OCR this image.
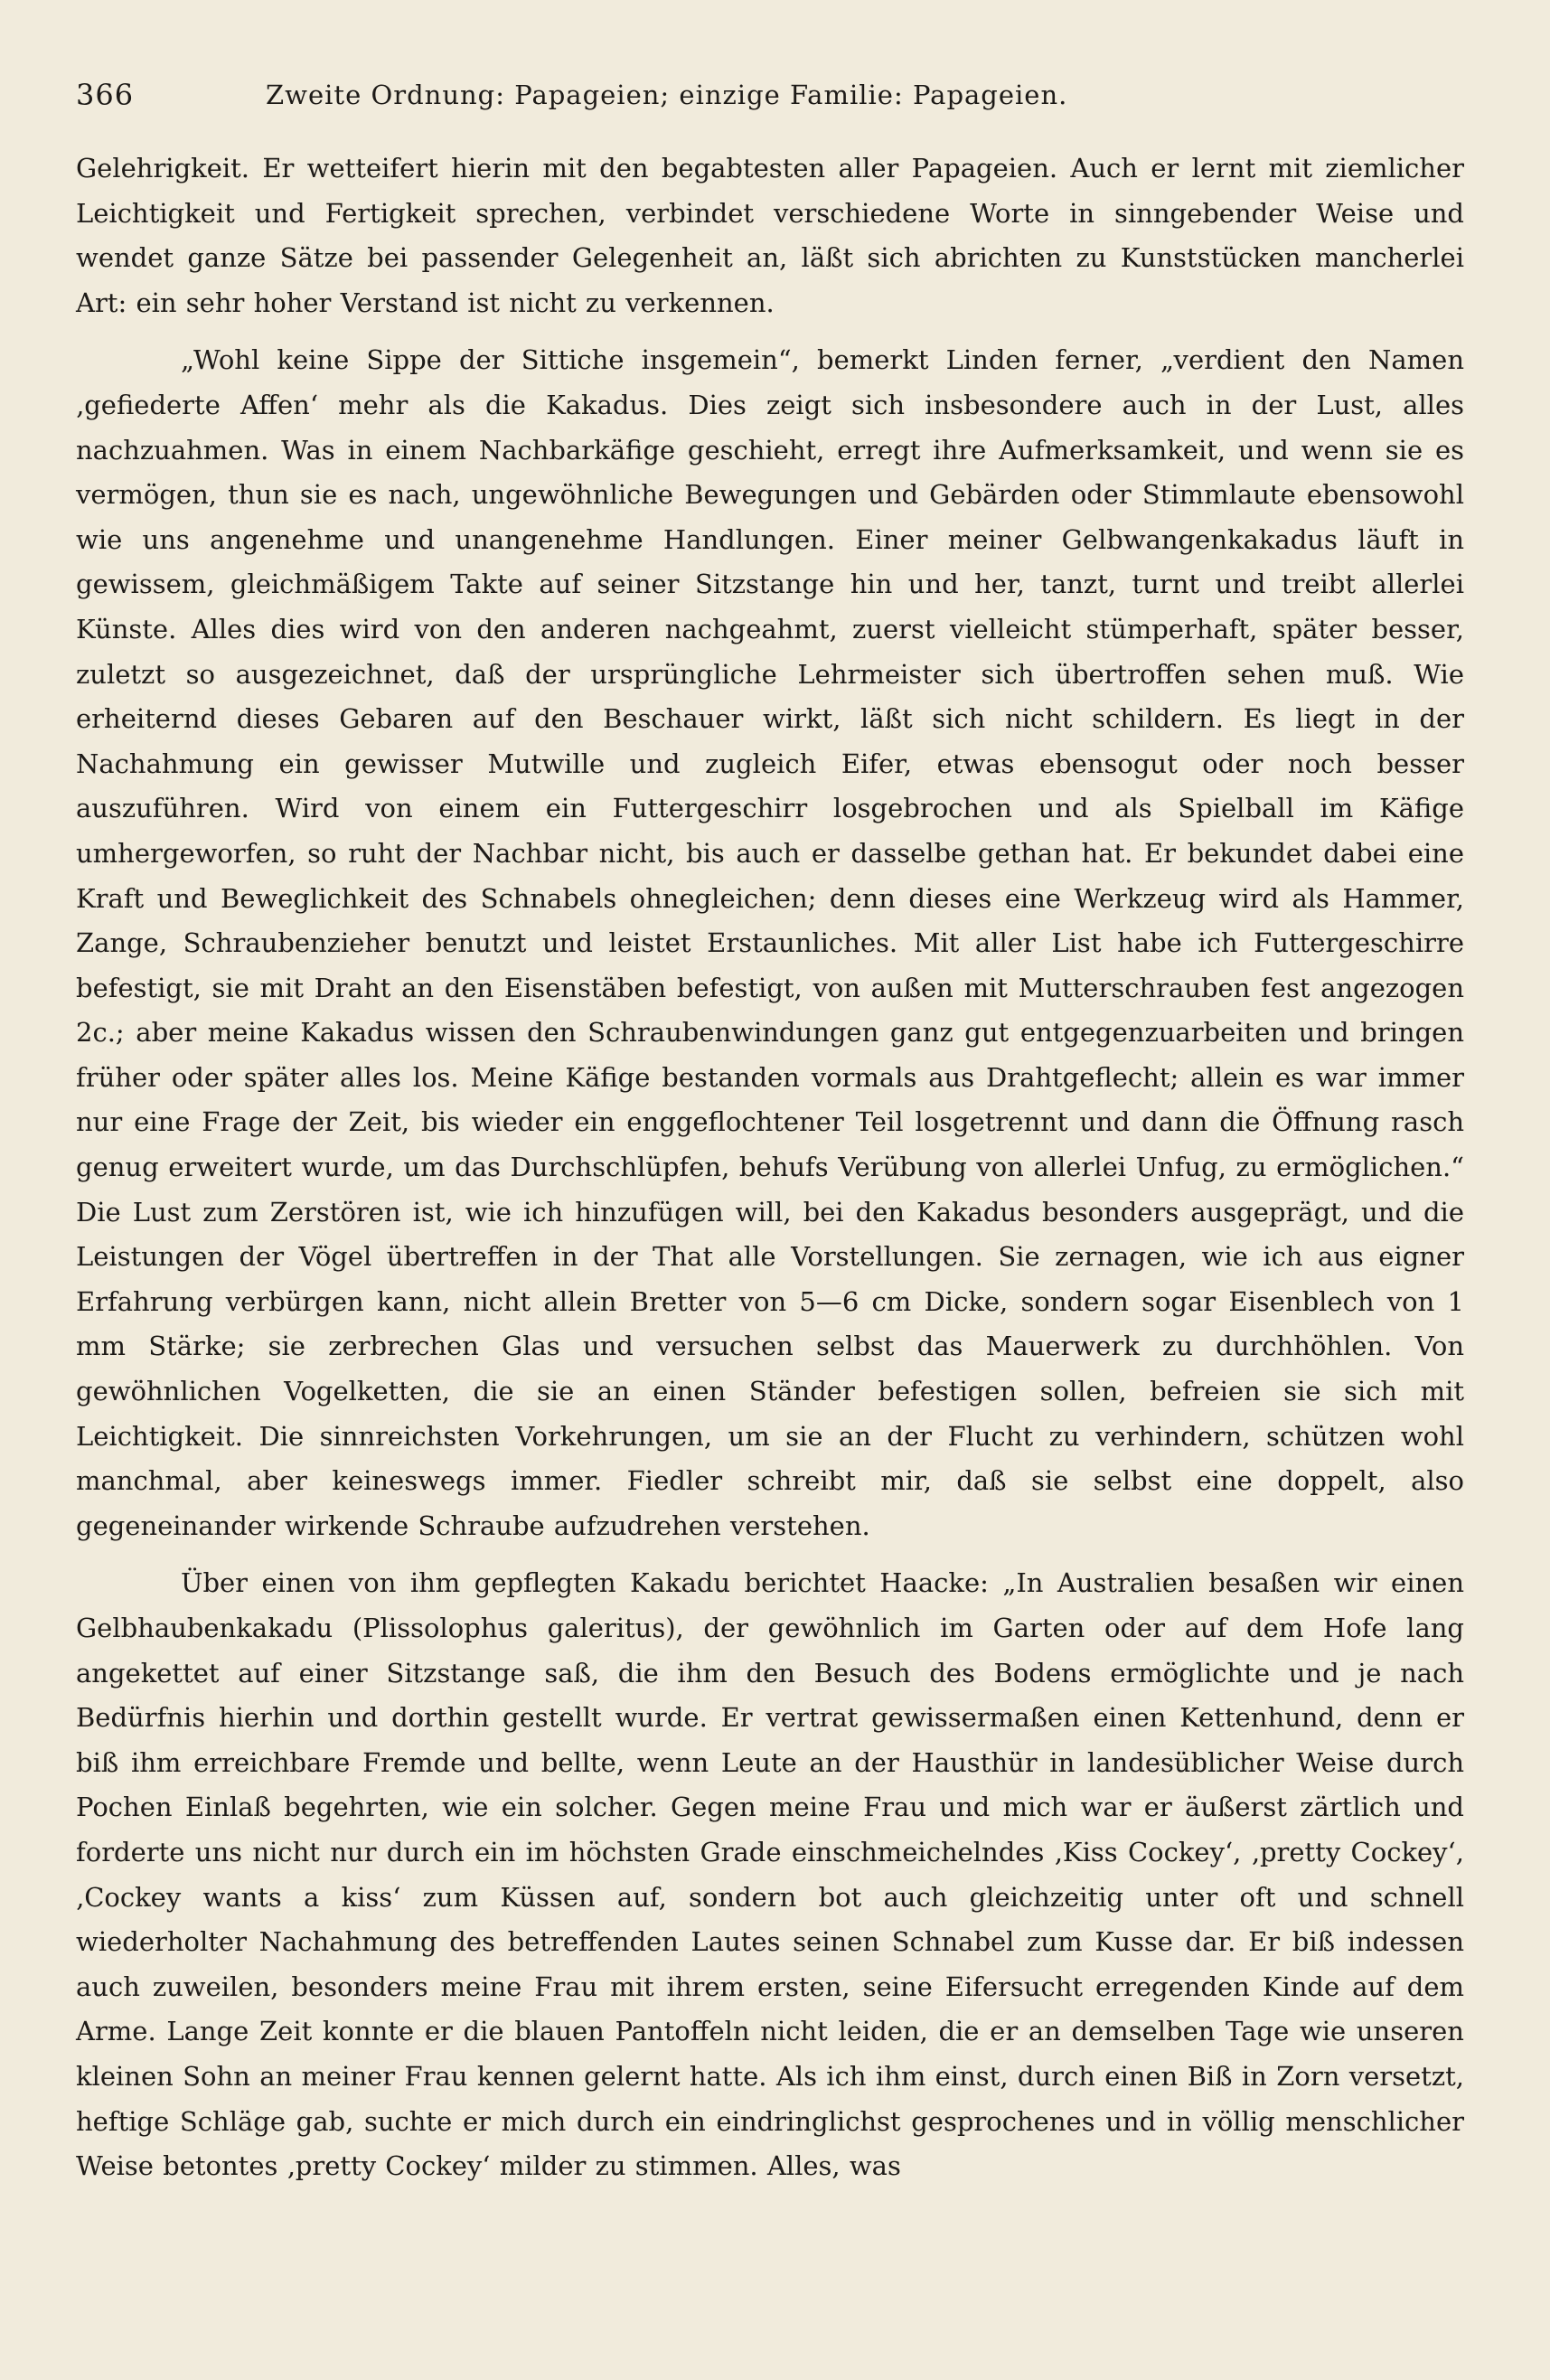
366	Zweite Ordnung: Papageien; einzige Familie: Papageien.

Gelehrigkeit. Er wetteifert hierin mit den begabtesten aller Papageien. Auch er lernt mit ziemlicher Leichtigkeit und Fertigkeit sprechen, verbindet verschiedene Worte in sinngebender Weise und wendet ganze Sätze bei passender Gelegenheit an, läßt sich abrichten zu Kunststücken mancherlei Art: ein sehr hoher Verstand ist nicht zu verkennen.

„Wohl keine Sippe der Sittiche insgemein“, bemerkt Linden ferner, „verdient den Namen ‚gefiederte Affen‘ mehr als die Kakadus. Dies zeigt sich insbesondere auch in der Lust, alles nachzuahmen. Was in einem Nachbarkäfige geschieht, erregt ihre Aufmerksamkeit, und wenn sie es vermögen, thun sie es nach, ungewöhnliche Bewegungen und Gebärden oder Stimmlaute ebensowohl wie uns angenehme und unangenehme Handlungen. Einer meiner Gelbwangenkakadus läuft in gewissem, gleichmäßigem Takte auf seiner Sitzstange hin und her, tanzt, turnt und treibt allerlei Künste. Alles dies wird von den anderen nachgeahmt, zuerst vielleicht stümperhaft, später besser, zuletzt so ausgezeichnet, daß der ursprüngliche Lehrmeister sich übertroffen sehen muß. Wie erheiternd dieses Gebaren auf den Beschauer wirkt, läßt sich nicht schildern. Es liegt in der Nachahmung ein gewisser Mutwille und zugleich Eifer, etwas ebensogut oder noch besser auszuführen. Wird von einem ein Futtergeschirr losgebrochen und als Spielball im Käfige umhergeworfen, so ruht der Nachbar nicht, bis auch er dasselbe gethan hat. Er bekundet dabei eine Kraft und Beweglichkeit des Schnabels ohnegleichen; denn dieses eine Werkzeug wird als Hammer, Zange, Schraubenzieher benutzt und leistet Erstaunliches. Mit aller List habe ich Futtergeschirre befestigt, sie mit Draht an den Eisenstäben befestigt, von außen mit Mutterschrauben fest angezogen 2c.; aber meine Kakadus wissen den Schraubenwindungen ganz gut entgegenzuarbeiten und bringen früher oder später alles los. Meine Käfige bestanden vormals aus Drahtgeflecht; allein es war immer nur eine Frage der Zeit, bis wieder ein enggeflochtener Teil losgetrennt und dann die Öffnung rasch genug erweitert wurde, um das Durchschlüpfen, behufs Verübung von allerlei Unfug, zu ermöglichen.“ Die Lust zum Zerstören ist, wie ich hinzufügen will, bei den Kakadus besonders ausgeprägt, und die Leistungen der Vögel übertreffen in der That alle Vorstellungen. Sie zernagen, wie ich aus eigner Erfahrung verbürgen kann, nicht allein Bretter von 5—6 cm Dicke, sondern sogar Eisenblech von 1 mm Stärke; sie zerbrechen Glas und versuchen selbst das Mauerwerk zu durchhöhlen. Von gewöhnlichen Vogelketten, die sie an einen Ständer befestigen sollen, befreien sie sich mit Leichtigkeit. Die sinnreichsten Vorkehrungen, um sie an der Flucht zu verhindern, schützen wohl manchmal, aber keineswegs immer. Fiedler schreibt mir, daß sie selbst eine doppelt, also gegeneinander wirkende Schraube aufzudrehen verstehen.

Über einen von ihm gepflegten Kakadu berichtet Haacke: „In Australien besaßen wir einen Gelbhaubenkakadu (Plissolophus galeritus), der gewöhnlich im Garten oder auf dem Hofe lang angekettet auf einer Sitzstange saß, die ihm den Besuch des Bodens ermöglichte und je nach Bedürfnis hierhin und dorthin gestellt wurde. Er vertrat gewissermaßen einen Kettenhund, denn er biß ihm erreichbare Fremde und bellte, wenn Leute an der Hausthür in landesüblicher Weise durch Pochen Einlaß begehrten, wie ein solcher. Gegen meine Frau und mich war er äußerst zärtlich und forderte uns nicht nur durch ein im höchsten Grade einschmeichelndes ‚Kiss Cockey‘, ‚pretty Cockey‘, ‚Cockey wants a kiss‘ zum Küssen auf, sondern bot auch gleichzeitig unter oft und schnell wiederholter Nachahmung des betreffenden Lautes seinen Schnabel zum Kusse dar. Er biß indessen auch zuweilen, besonders meine Frau mit ihrem ersten, seine Eifersucht erregenden Kinde auf dem Arme. Lange Zeit konnte er die blauen Pantoffeln nicht leiden, die er an demselben Tage wie unseren kleinen Sohn an meiner Frau kennen gelernt hatte. Als ich ihm einst, durch einen Biß in Zorn versetzt, heftige Schläge gab, suchte er mich durch ein eindringlichst gesprochenes und in völlig menschlicher Weise betontes ‚pretty Cockey‘ milder zu stimmen. Alles, was
